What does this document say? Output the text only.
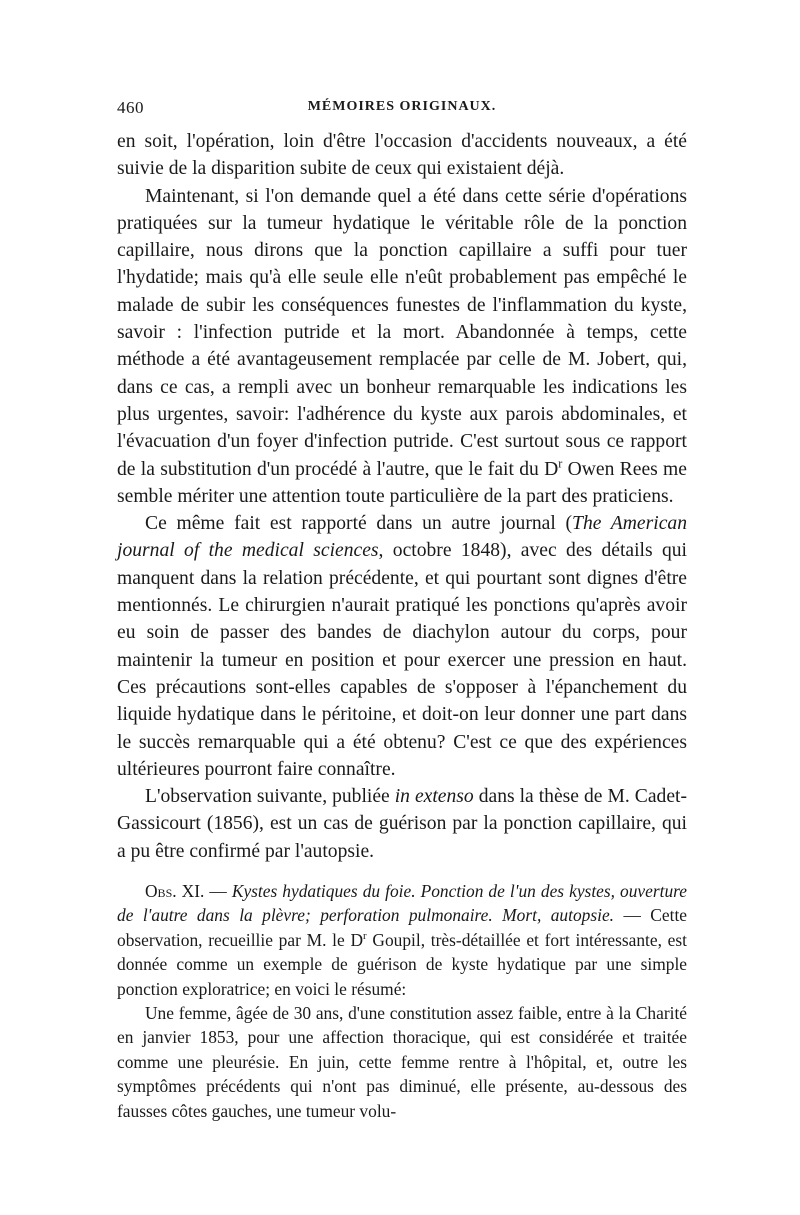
460	MÉMOIRES ORIGINAUX.

en soit, l'opération, loin d'être l'occasion d'accidents nouveaux, a été suivie de la disparition subite de ceux qui existaient déjà.

Maintenant, si l'on demande quel a été dans cette série d'opérations pratiquées sur la tumeur hydatique le véritable rôle de la ponction capillaire, nous dirons que la ponction capillaire a suffi pour tuer l'hydatide; mais qu'à elle seule elle n'eût probablement pas empêché le malade de subir les conséquences funestes de l'inflammation du kyste, savoir : l'infection putride et la mort. Abandonnée à temps, cette méthode a été avantageusement remplacée par celle de M. Jobert, qui, dans ce cas, a rempli avec un bonheur remarquable les indications les plus urgentes, savoir: l'adhérence du kyste aux parois abdominales, et l'évacuation d'un foyer d'infection putride. C'est surtout sous ce rapport de la substitution d'un procédé à l'autre, que le fait du $D^r$ Owen Rees me semble mériter une attention toute particulière de la part des praticiens.

Ce même fait est rapporté dans un autre journal (The American journal of the medical sciences, octobre 1848), avec des détails qui manquent dans la relation précédente, et qui pourtant sont dignes d'être mentionnés. Le chirurgien n'aurait pratiqué les ponctions qu'après avoir eu soin de passer des bandes de diachylon autour du corps, pour maintenir la tumeur en position et pour exercer une pression en haut. Ces précautions sont-elles capables de s'opposer à l'épanchement du liquide hydatique dans le péritoine, et doit-on leur donner une part dans le succès remarquable qui a été obtenu? C'est ce que des expériences ultérieures pourront faire connaître.

L'observation suivante, publiée in extenso dans la thèse de M. Cadet-Gassicourt (1856), est un cas de guérison par la ponction capillaire, qui a pu être confirmé par l'autopsie.

Obs. XI. — Kystes hydatiques du foie. Ponction de l'un des kystes, ouverture de l'autre dans la plèvre; perforation pulmonaire. Mort, autopsie. — Cette observation, recueillie par M. le $D^r$ Goupil, très-détaillée et fort intéressante, est donnée comme un exemple de guérison de kyste hydatique par une simple ponction exploratrice; en voici le résumé:

Une femme, âgée de 30 ans, d'une constitution assez faible, entre à la Charité en janvier 1853, pour une affection thoracique, qui est considérée et traitée comme une pleurésie. En juin, cette femme rentre à l'hôpital, et, outre les symptômes précédents qui n'ont pas diminué, elle présente, au-dessous des fausses côtes gauches, une tumeur volu-
